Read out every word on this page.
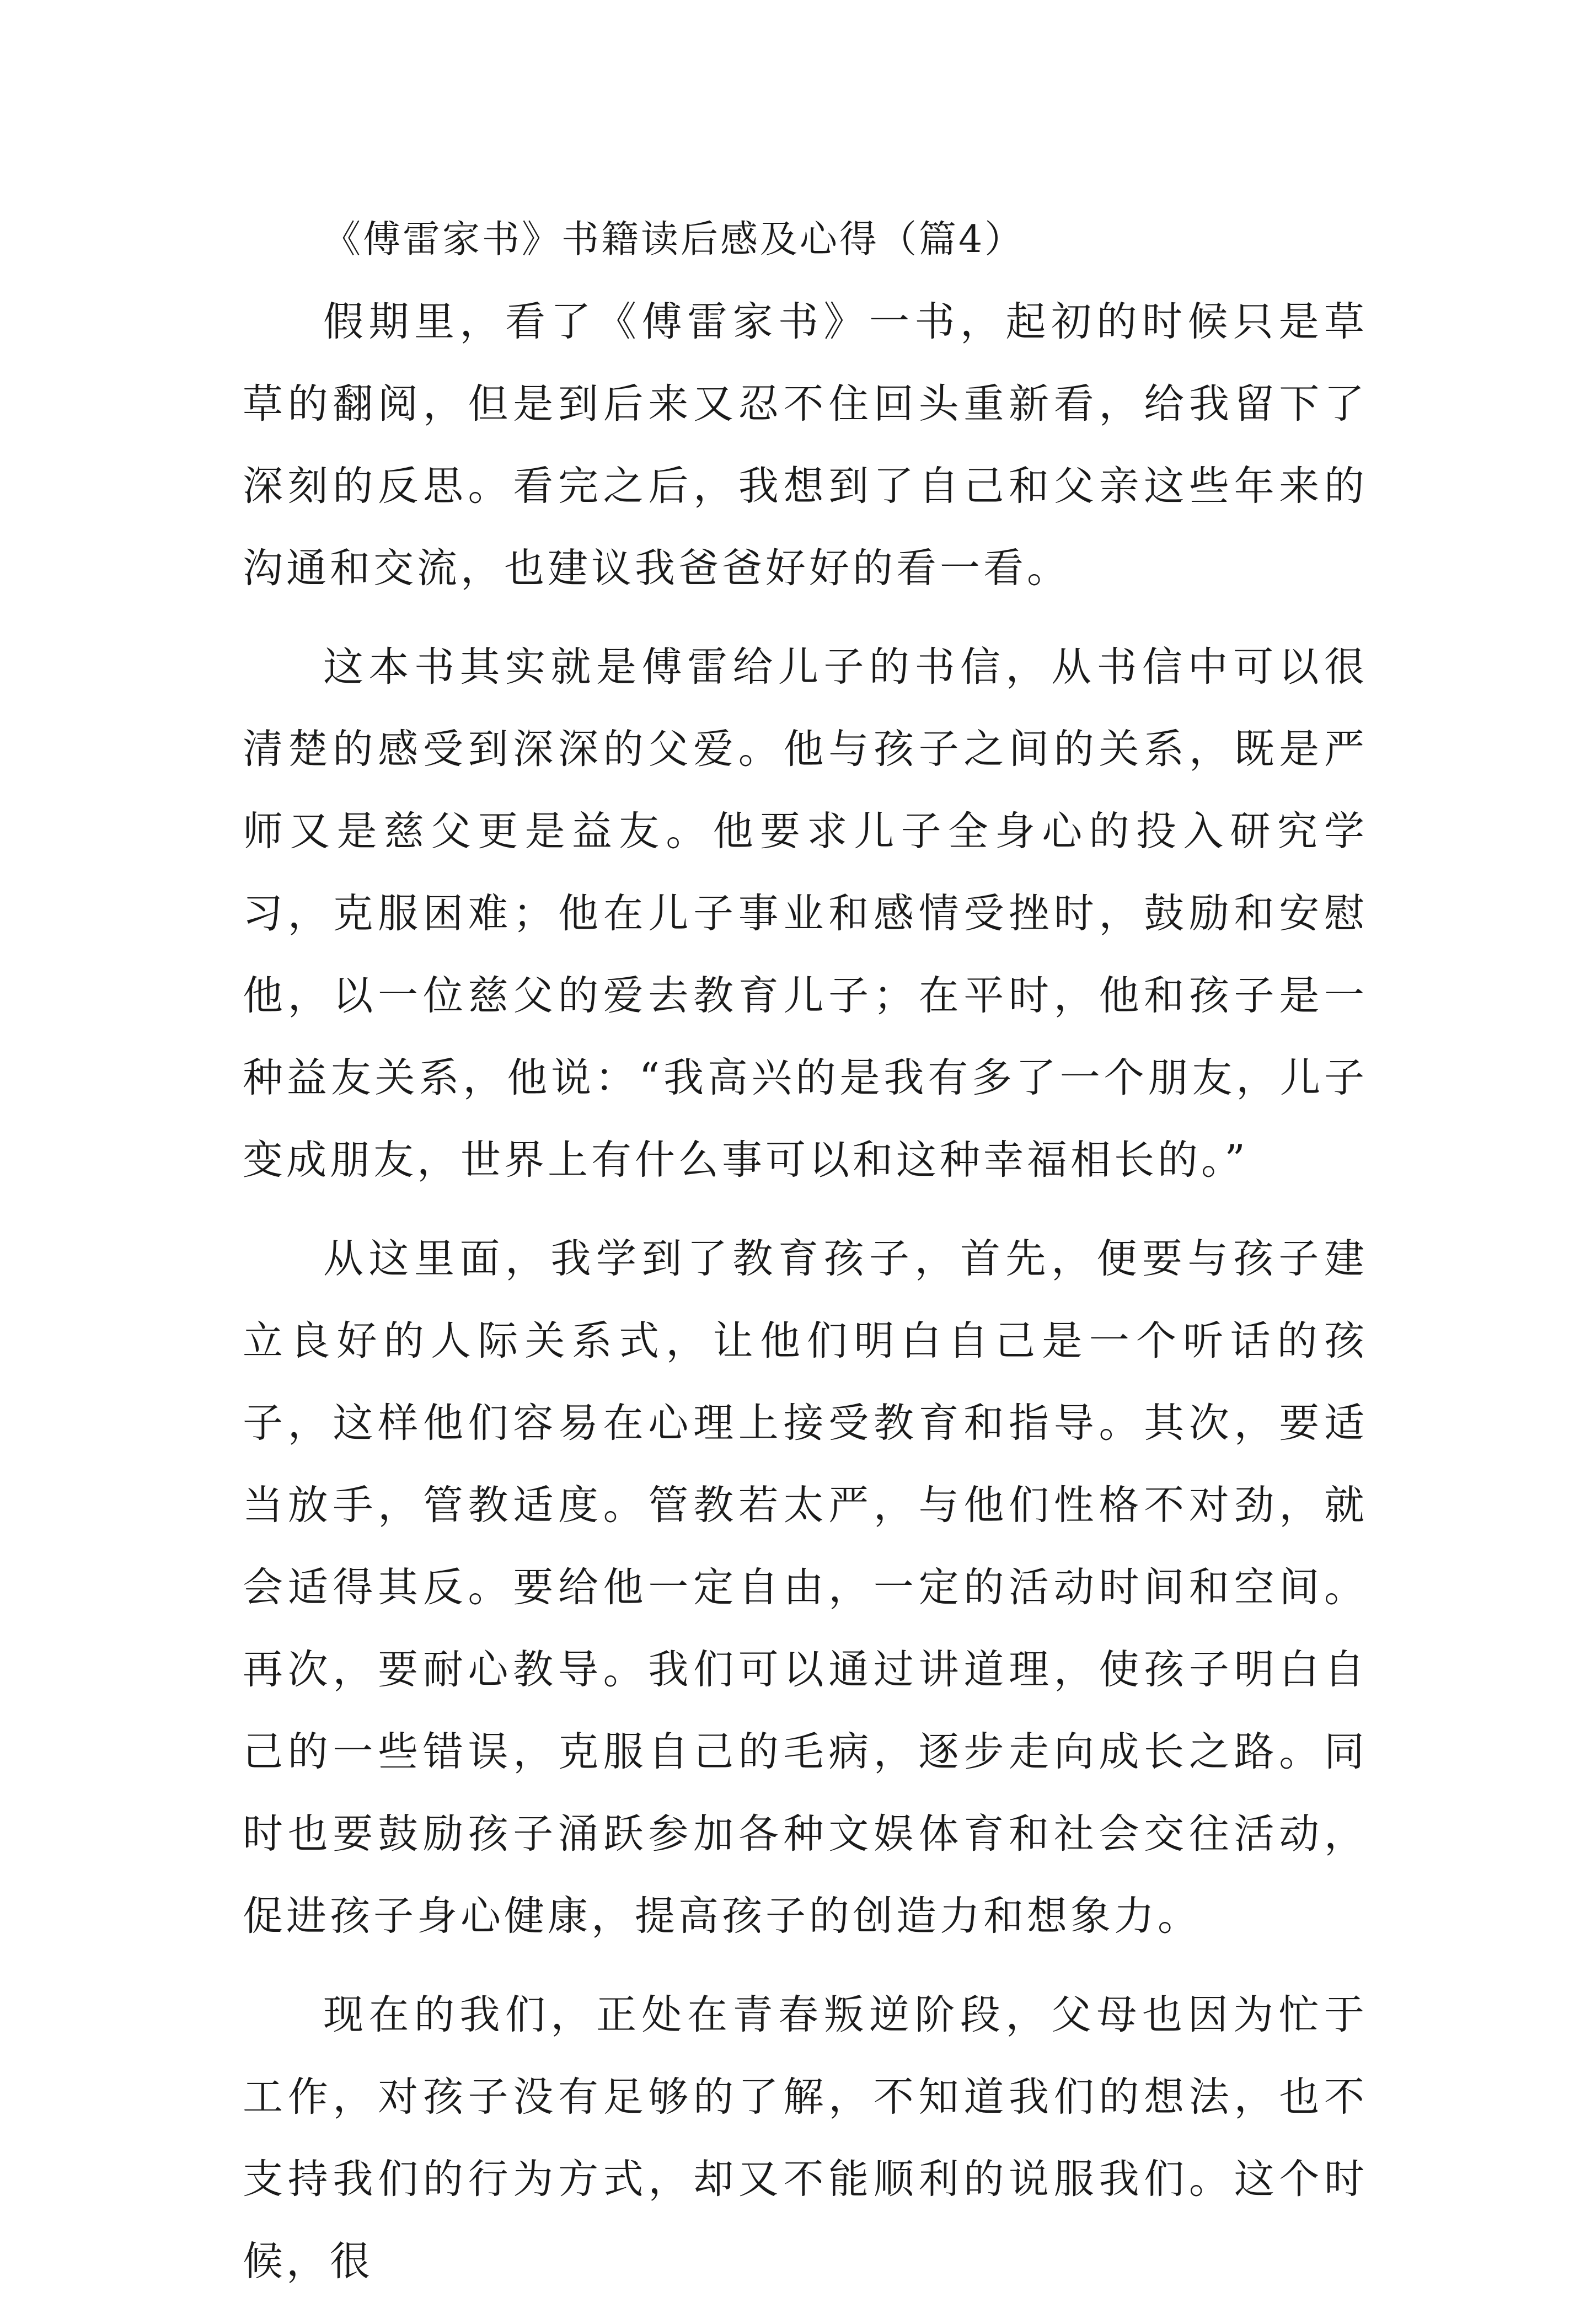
《傅雷家书》书籍读后感及心得（篇4）

假期里，看了《傅雷家书》一书，起初的时候只是草草的翻阅，但是到后来又忍不住回头重新看，给我留下了深刻的反思。看完之后，我想到了自己和父亲这些年来的沟通和交流，也建议我爸爸好好的看一看。

这本书其实就是傅雷给儿子的书信，从书信中可以很清楚的感受到深深的父爱。他与孩子之间的关系，既是严师又是慈父更是益友。他要求儿子全身心的投入研究学习，克服困难；他在儿子事业和感情受挫时，鼓励和安慰他，以一位慈父的爱去教育儿子；在平时，他和孩子是一种益友关系，他说：“我高兴的是我有多了一个朋友，儿子变成朋友，世界上有什么事可以和这种幸福相长的。”

从这里面，我学到了教育孩子，首先，便要与孩子建立良好的人际关系式，让他们明白自己是一个听话的孩子，这样他们容易在心理上接受教育和指导。其次，要适当放手，管教适度。管教若太严，与他们性格不对劲，就会适得其反。要给他一定自由，一定的活动时间和空间。再次，要耐心教导。我们可以通过讲道理，使孩子明白自己的一些错误，克服自己的毛病，逐步走向成长之路。同时也要鼓励孩子涌跃参加各种文娱体育和社会交往活动，促进孩子身心健康，提高孩子的创造力和想象力。

现在的我们，正处在青春叛逆阶段，父母也因为忙于工作，对孩子没有足够的了解，不知道我们的想法，也不支持我们的行为方式，却又不能顺利的说服我们。这个时候，很
